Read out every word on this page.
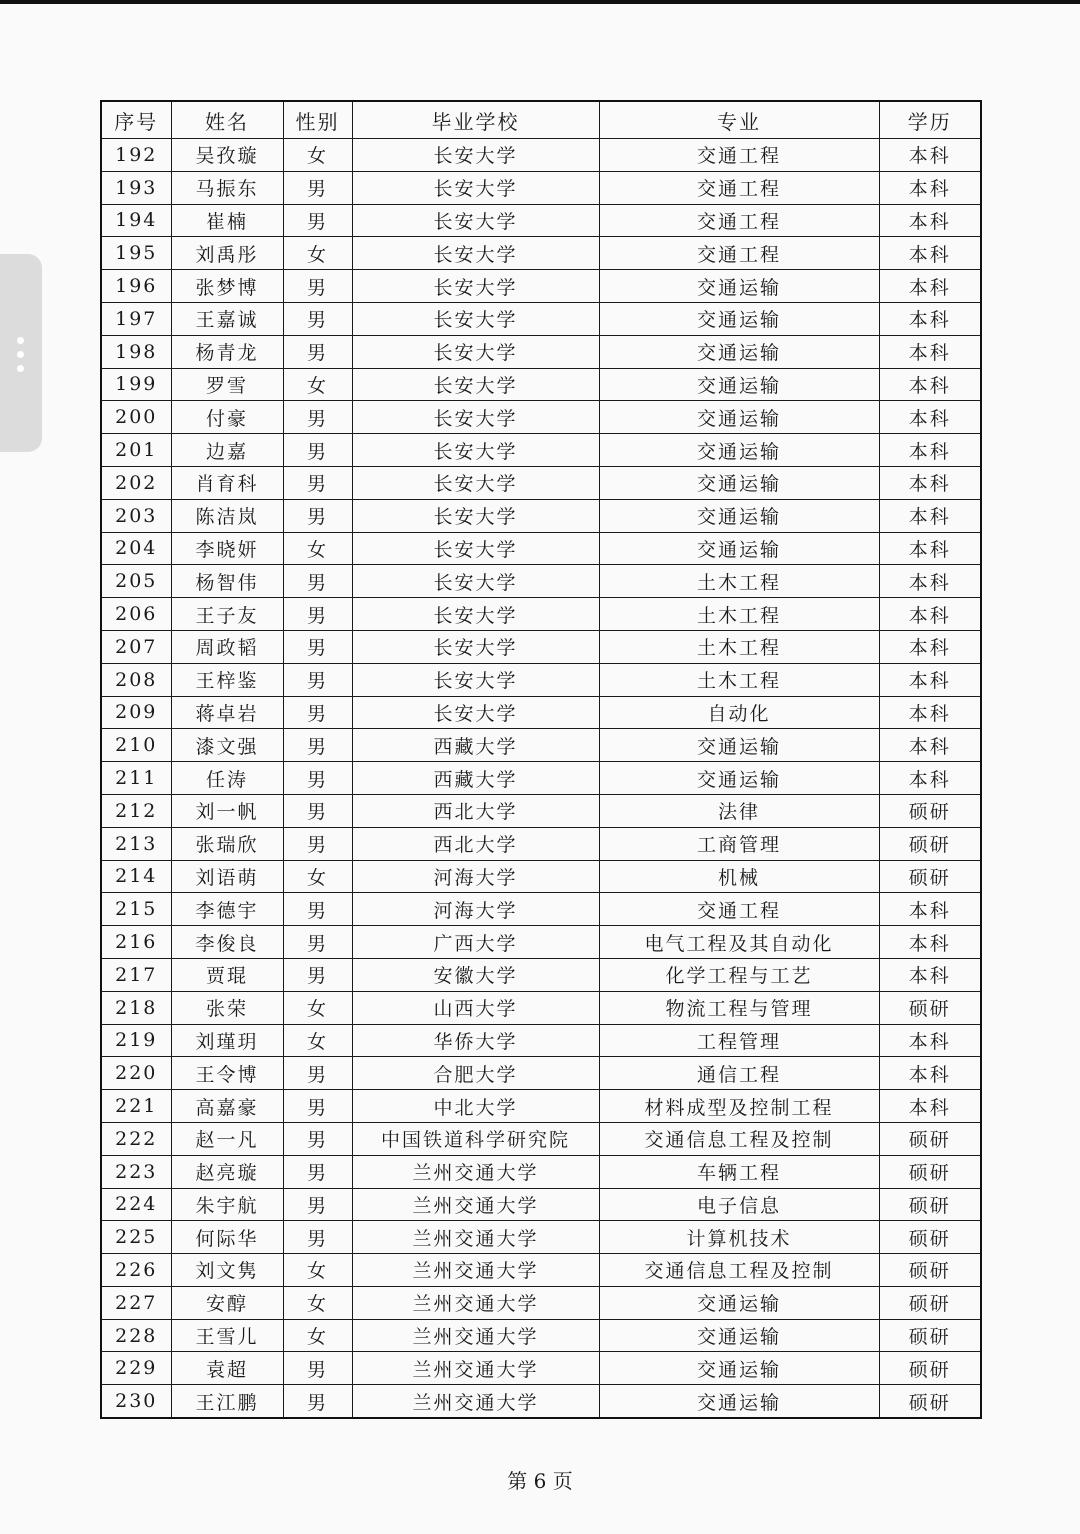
序号	姓名	性别	毕业学校	专业	学历
192	吴孜璇	女	长安大学	交通工程	本科
193	马振东	男	长安大学	交通工程	本科
194	崔楠	男	长安大学	交通工程	本科
195	刘禹彤	女	长安大学	交通工程	本科
196	张梦博	男	长安大学	交通运输	本科
197	王嘉诚	男	长安大学	交通运输	本科
198	杨青龙	男	长安大学	交通运输	本科
199	罗雪	女	长安大学	交通运输	本科
200	付豪	男	长安大学	交通运输	本科
201	边嘉	男	长安大学	交通运输	本科
202	肖育科	男	长安大学	交通运输	本科
203	陈洁岚	男	长安大学	交通运输	本科
204	李晓妍	女	长安大学	交通运输	本科
205	杨智伟	男	长安大学	土木工程	本科
206	王子友	男	长安大学	土木工程	本科
207	周政韬	男	长安大学	土木工程	本科
208	王梓鉴	男	长安大学	土木工程	本科
209	蒋卓岩	男	长安大学	自动化	本科
210	漆文强	男	西藏大学	交通运输	本科
211	任涛	男	西藏大学	交通运输	本科
212	刘一帆	男	西北大学	法律	硕研
213	张瑞欣	男	西北大学	工商管理	硕研
214	刘语萌	女	河海大学	机械	硕研
215	李德宇	男	河海大学	交通工程	本科
216	李俊良	男	广西大学	电气工程及其自动化	本科
217	贾琨	男	安徽大学	化学工程与工艺	本科
218	张荣	女	山西大学	物流工程与管理	硕研
219	刘瑾玥	女	华侨大学	工程管理	本科
220	王令博	男	合肥大学	通信工程	本科
221	高嘉豪	男	中北大学	材料成型及控制工程	本科
222	赵一凡	男	中国铁道科学研究院	交通信息工程及控制	硕研
223	赵亮璇	男	兰州交通大学	车辆工程	硕研
224	朱宇航	男	兰州交通大学	电子信息	硕研
225	何际华	男	兰州交通大学	计算机技术	硕研
226	刘文隽	女	兰州交通大学	交通信息工程及控制	硕研
227	安醇	女	兰州交通大学	交通运输	硕研
228	王雪儿	女	兰州交通大学	交通运输	硕研
229	袁超	男	兰州交通大学	交通运输	硕研
230	王江鹏	男	兰州交通大学	交通运输	硕研
第 6 页
